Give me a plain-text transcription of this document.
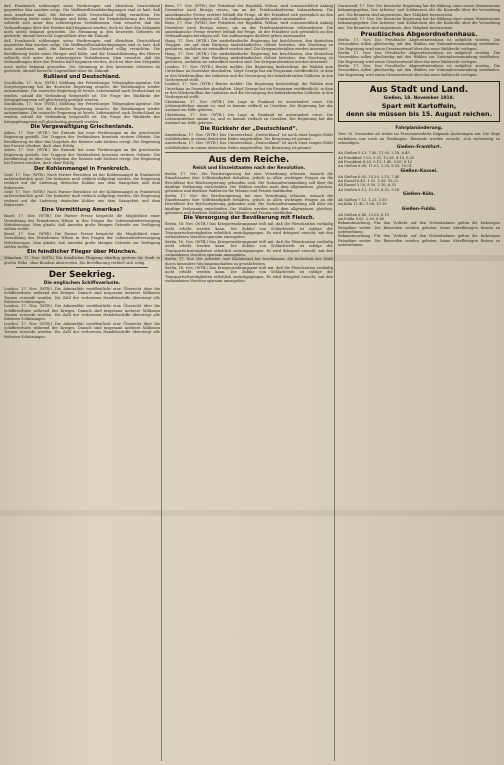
daß Frankreich schleunigst seine Forderungen und Absichten Deutschland gegenüber klar machen möge. Die Waffenstillstandsbedingungen sind so hart, daß man annehmen muß, die Entente wolle Deutschland völlig vernichten. Die Bevölkerung leidet unter Hunger und Kälte, und die Demobilisierung des Heeres vollzieht sich unter den schwierigsten Verhältnissen. Man erwartet, daß die Verhandlungen über den Frieden bald beginnen werden, doch ist über den Zeitpunkt noch nichts bekannt geworden. Die Stimmung in den besetzten Gebieten ist gedrückt; überall herrscht Ungewißheit über die Zukunft.

daß Frankreich schleunigst seine Forderungen und Absichten Deutschland gegenüber klar machen möge. Die Waffenstillstandsbedingungen sind so hart, daß man annehmen muß, die Entente wolle Deutschland völlig vernichten. Die Bevölkerung leidet unter Hunger und Kälte, und die Demobilisierung des Heeres vollzieht sich unter den schwierigsten Verhältnissen. Man erwartet, daß die Verhandlungen über den Frieden bald beginnen werden, doch ist über den Zeitpunkt noch nichts bekannt geworden. Die Stimmung in den besetzten Gebieten ist gedrückt; überall herrscht Ungewißheit über die Zukunft.

Rußland und Deutschland.

Stockholm, 17. Nov. (WTB.) Meldung der Petersburger Telegraphen-Agentur: Die Sowjetregierung hat die deutsche Regierung ersucht, die Beziehungen wieder aufzunehmen. Die russische Regierung ist bereit, Lebensmittel nach Deutschland zu senden, sobald die Verbindung hergestellt ist. Die Frage der Rückkehr der Kriegsgefangenen soll gleichzeitig geregelt werden.

Stockholm, 17. Nov. (WTB.) Meldung der Petersburger Telegraphen-Agentur: Die Sowjetregierung hat die deutsche Regierung ersucht, die Beziehungen wieder aufzunehmen. Die russische Regierung ist bereit, Lebensmittel nach Deutschland zu senden, sobald die Verbindung hergestellt ist. Die Frage der Rückkehr der Kriegsgefangenen soll gleichzeitig geregelt werden.

Die Vergewaltigung Griechenlands.

Athen, 17. Nov. (WTB.) Die Entente hat neue Forderungen an die griechische Regierung gestellt. Die Truppen der Verbündeten besetzen weitere Gebiete. Die Bevölkerung ist über das Vorgehen der Entente aufs höchste erregt. Die Regierung hat Protest erhoben, doch ohne Erfolg.

Athen, 17. Nov. (WTB.) Die Entente hat neue Forderungen an die griechische Regierung gestellt. Die Truppen der Verbündeten besetzen weitere Gebiete. Die Bevölkerung ist über das Vorgehen der Entente aufs höchste erregt. Die Regierung hat Protest erhoben, doch ohne Erfolg.

Der Kohlenmangel in Frankreich.

Genf, 17. Nov. (WTB.) Nach Pariser Berichten ist der Kohlenmangel in Frankreich außerordentlich groß. Die Industrie muß vielfach stillgelegt werden. Die Regierung rechnet auf die Lieferung deutscher Kohlen aus dem Saargebiet und dem Ruhrrevier.

Genf, 17. Nov. (WTB.) Nach Pariser Berichten ist der Kohlenmangel in Frankreich außerordentlich groß. Die Industrie muß vielfach stillgelegt werden. Die Regierung rechnet auf die Lieferung deutscher Kohlen aus dem Saargebiet und dem Ruhrrevier.

Eine Vermittlung Amerikas?

Basel, 17. Nov. (WTB.) Die Pariser Presse bespricht die Möglichkeit einer Vermittlung des Präsidenten Wilson in den Fragen der Lebensmittelversorgung Mitteleuropas. Man glaubt, daß Amerika große Mengen Getreide zur Verfügung stellen werde.

Basel, 17. Nov. (WTB.) Die Pariser Presse bespricht die Möglichkeit einer Vermittlung des Präsidenten Wilson in den Fragen der Lebensmittelversorgung Mitteleuropas. Man glaubt, daß Amerika große Mengen Getreide zur Verfügung stellen werde.

Ein feindlicher Flieger über München.

München, 17. Nov. (WTB.) Ein feindliches Flugzeug überflog gestern die Stadt in großer Höhe, ohne Bomben abzuwerfen. Die Bevölkerung verhielt sich ruhig.

Der Seekrieg.
Die englischen Schiffsverluste.

London, 17. Nov. (WTB.) Die Admiralität veröffentlicht eine Übersicht über die Schiffsverluste während des Krieges. Danach sind insgesamt mehrere Millionen Tonnen versenkt worden. Die Zahl der verlorenen Handelsschiffe übersteigt alle früheren Schätzungen.

London, 17. Nov. (WTB.) Die Admiralität veröffentlicht eine Übersicht über die Schiffsverluste während des Krieges. Danach sind insgesamt mehrere Millionen Tonnen versenkt worden. Die Zahl der verlorenen Handelsschiffe übersteigt alle früheren Schätzungen.

London, 17. Nov. (WTB.) Die Admiralität veröffentlicht eine Übersicht über die Schiffsverluste während des Krieges. Danach sind insgesamt mehrere Millionen Tonnen versenkt worden. Die Zahl der verlorenen Handelsschiffe übersteigt alle früheren Schätzungen.

Bern, 17. Nov. (WTB.) Der Präsident der Republik, Wilson, wird voraussichtlich Anfang Dezember nach Europa reisen, um an der Friedenskonferenz teilzunehmen. Die amerikanische Presse erörtert lebhaft die Frage, ob der Präsident sich persönlich an den Verhandlungen beteiligen soll. Die Auffassungen darüber gehen auseinander.

Bern, 17. Nov. (WTB.) Der Präsident der Republik, Wilson, wird voraussichtlich Anfang Dezember nach Europa reisen, um an der Friedenskonferenz teilzunehmen. Die amerikanische Presse erörtert lebhaft die Frage, ob der Präsident sich persönlich an den Verhandlungen beteiligen soll. Die Auffassungen darüber gehen auseinander.

Haag, 17. Nov. (WTB.) Die niederländische Regierung hat beschlossen, den deutschen Truppen, die auf dem Rückzug niederländisches Gebiet betreten, den Durchzug zu gestatten, nachdem sie entwaffnet worden sind. Die Kriegsmaterialien werden interniert.

Haag, 17. Nov. (WTB.) Die niederländische Regierung hat beschlossen, den deutschen Truppen, die auf dem Rückzug niederländisches Gebiet betreten, den Durchzug zu gestatten, nachdem sie entwaffnet worden sind. Die Kriegsmaterialien werden interniert.

London, 17. Nov. (WTB.) Reuter meldet: Die Regierung beabsichtigt, die Wahlen zum Unterhaus im Dezember abzuhalten. Lloyd George hat ein Programm veröffentlicht, in dem er den Wiederaufbau der Industrie und die Versorgung der heimkehrenden Soldaten in den Vordergrund stellt.

London, 17. Nov. (WTB.) Reuter meldet: Die Regierung beabsichtigt, die Wahlen zum Unterhaus im Dezember abzuhalten. Lloyd George hat ein Programm veröffentlicht, in dem er den Wiederaufbau der Industrie und die Versorgung der heimkehrenden Soldaten in den Vordergrund stellt.

Christiania, 17. Nov. (WTB.) Die Lage in Finnland ist unverändert ernst. Die Lebensmittelnot nimmt zu, und es kommt vielfach zu Unruhen. Die Regierung hat das Ausland um Hilfe gebeten.

Christiania, 17. Nov. (WTB.) Die Lage in Finnland ist unverändert ernst. Die Lebensmittelnot nimmt zu, und es kommt vielfach zu Unruhen. Die Regierung hat das Ausland um Hilfe gebeten.

Die Rückkehr der „Deutschland“.

Amsterdam, 17. Nov. (WTB.) Das Unterseeboot „Deutschland“ ist nach einer langen Fahrt wohlbehalten in einem deutschen Hafen eingetroffen. Die Besatzung ist gesund.

Amsterdam, 17. Nov. (WTB.) Das Unterseeboot „Deutschland“ ist nach einer langen Fahrt wohlbehalten in einem deutschen Hafen eingetroffen. Die Besatzung ist gesund.

Aus dem Reiche.
Reich und Einzelstaaten nach der Revolution.

Berlin, 17. Nov. Die Reichsregierung hat eine Verordnung erlassen, wonach die Einzelstaaten ihre Selbständigkeit behalten, jedoch in allen wichtigen Fragen an die Beschlüsse der Reichsregierung gebunden sind. Die Nationalversammlung soll über die künftige Verfassung entscheiden. Die Wahlen werden nach dem allgemeinen, gleichen, geheimen und direkten Wahlrecht für Männer und Frauen stattfinden.

Berlin, 17. Nov. Die Reichsregierung hat eine Verordnung erlassen, wonach die Einzelstaaten ihre Selbständigkeit behalten, jedoch in allen wichtigen Fragen an die Beschlüsse der Reichsregierung gebunden sind. Die Nationalversammlung soll über die künftige Verfassung entscheiden. Die Wahlen werden nach dem allgemeinen, gleichen, geheimen und direkten Wahlrecht für Männer und Frauen stattfinden.

Die Versorgung der Bevölkerung mit Fleisch.

Berlin, 16. Nov. (WTB.) Das Kriegsernährungsamt teilt mit, daß die Fleischration vorläufig nicht erhöht werden kann. Die Zufuhr von Schlachtvieh ist infolge der Transportschwierigkeiten erheblich zurückgegangen. Es wird dringend ersucht, mit den vorhandenen Vorräten sparsam umzugehen.

Berlin, 16. Nov. (WTB.) Das Kriegsernährungsamt teilt mit, daß die Fleischration vorläufig nicht erhöht werden kann. Die Zufuhr von Schlachtvieh ist infolge der Transportschwierigkeiten erheblich zurückgegangen. Es wird dringend ersucht, mit den vorhandenen Vorräten sparsam umzugehen.

Berlin, 17. Nov. Der Arbeiter- und Soldatenrat hat beschlossen, die Sicherheit der Stadt durch besondere Wachmannschaften zu gewährleisten.

Berlin, 16. Nov. (WTB.) Das Kriegsernährungsamt teilt mit, daß die Fleischration vorläufig nicht erhöht werden kann. Die Zufuhr von Schlachtvieh ist infolge der Transportschwierigkeiten erheblich zurückgegangen. Es wird dringend ersucht, mit den vorhandenen Vorräten sparsam umzugehen.

Darmstadt, 17. Nov. Die hessische Regierung hat die Bildung eines neuen Ministeriums bekanntgegeben. Der Arbeiter- und Soldatenrat übt die Kontrolle über die Verwaltung aus. Die Beamten sind angewiesen, ihre Tätigkeit fortzusetzen.

Darmstadt, 17. Nov. Die hessische Regierung hat die Bildung eines neuen Ministeriums bekanntgegeben. Der Arbeiter- und Soldatenrat übt die Kontrolle über die Verwaltung aus. Die Beamten sind angewiesen, ihre Tätigkeit fortzusetzen.

Preußisches Abgeordnetenhaus.

Berlin, 17. Nov. Das Preußische Abgeordnetenhaus ist aufgelöst worden. Die Neuwahlen sollen gleichzeitig mit den Wahlen zur Nationalversammlung stattfinden. Die Regierung wird einen Gesetzentwurf über das neue Wahlrecht vorlegen.

Berlin, 17. Nov. Das Preußische Abgeordnetenhaus ist aufgelöst worden. Die Neuwahlen sollen gleichzeitig mit den Wahlen zur Nationalversammlung stattfinden. Die Regierung wird einen Gesetzentwurf über das neue Wahlrecht vorlegen.

Berlin, 17. Nov. Das Preußische Abgeordnetenhaus ist aufgelöst worden. Die Neuwahlen sollen gleichzeitig mit den Wahlen zur Nationalversammlung stattfinden. Die Regierung wird einen Gesetzentwurf über das neue Wahlrecht vorlegen.

Aus Stadt und Land.
Gießen, 18. November 1918.
Spart mit Kartoffeln,
denn sie müssen bis 15. August reichen.
Fahrplanänderung.

Vom 20. November ab treten im Personenverkehr folgende Änderungen ein: Die Züge verkehren nur noch an Werktagen. Reisende werden ersucht, sich rechtzeitig zu erkundigen.

Gießen–Frankfurt.
Ab Gießen 5.12, 7.40, 11.05, 2.18, 6.45
An Frankfurt 7.02, 9.31, 12.58, 4.10, 8.35
Ab Frankfurt 6.20, 9.15, 1.40, 5.05, 8.12
An Gießen 8.08, 11.02, 3.30, 6.55, 10.01
Gießen–Kassel.
Ab Gießen 6.05, 10.20, 3.15, 7.40
An Kassel 8.45, 1.02, 5.58, 10.22
Ab Kassel 5.30, 9.50, 2.10, 6.35
An Gießen 8.12, 12.33, 4.52, 9.18
Gießen–Köln.
Ab Gießen 7.12, 1.25, 5.50
An Köln 11.40, 5.58, 10.30
Gießen–Fulda.
Ab Gießen 6.48, 12.05, 6.10
An Fulda 9.05, 2.30, 8.40

Bekanntmachung. Für den Verkehr auf den Nebenbahnen gelten die bisherigen Fahrpläne weiter. Die Reisenden werden gebeten, keine überflüssigen Reisen zu unternehmen.

Bekanntmachung. Für den Verkehr auf den Nebenbahnen gelten die bisherigen Fahrpläne weiter. Die Reisenden werden gebeten, keine überflüssigen Reisen zu unternehmen.
